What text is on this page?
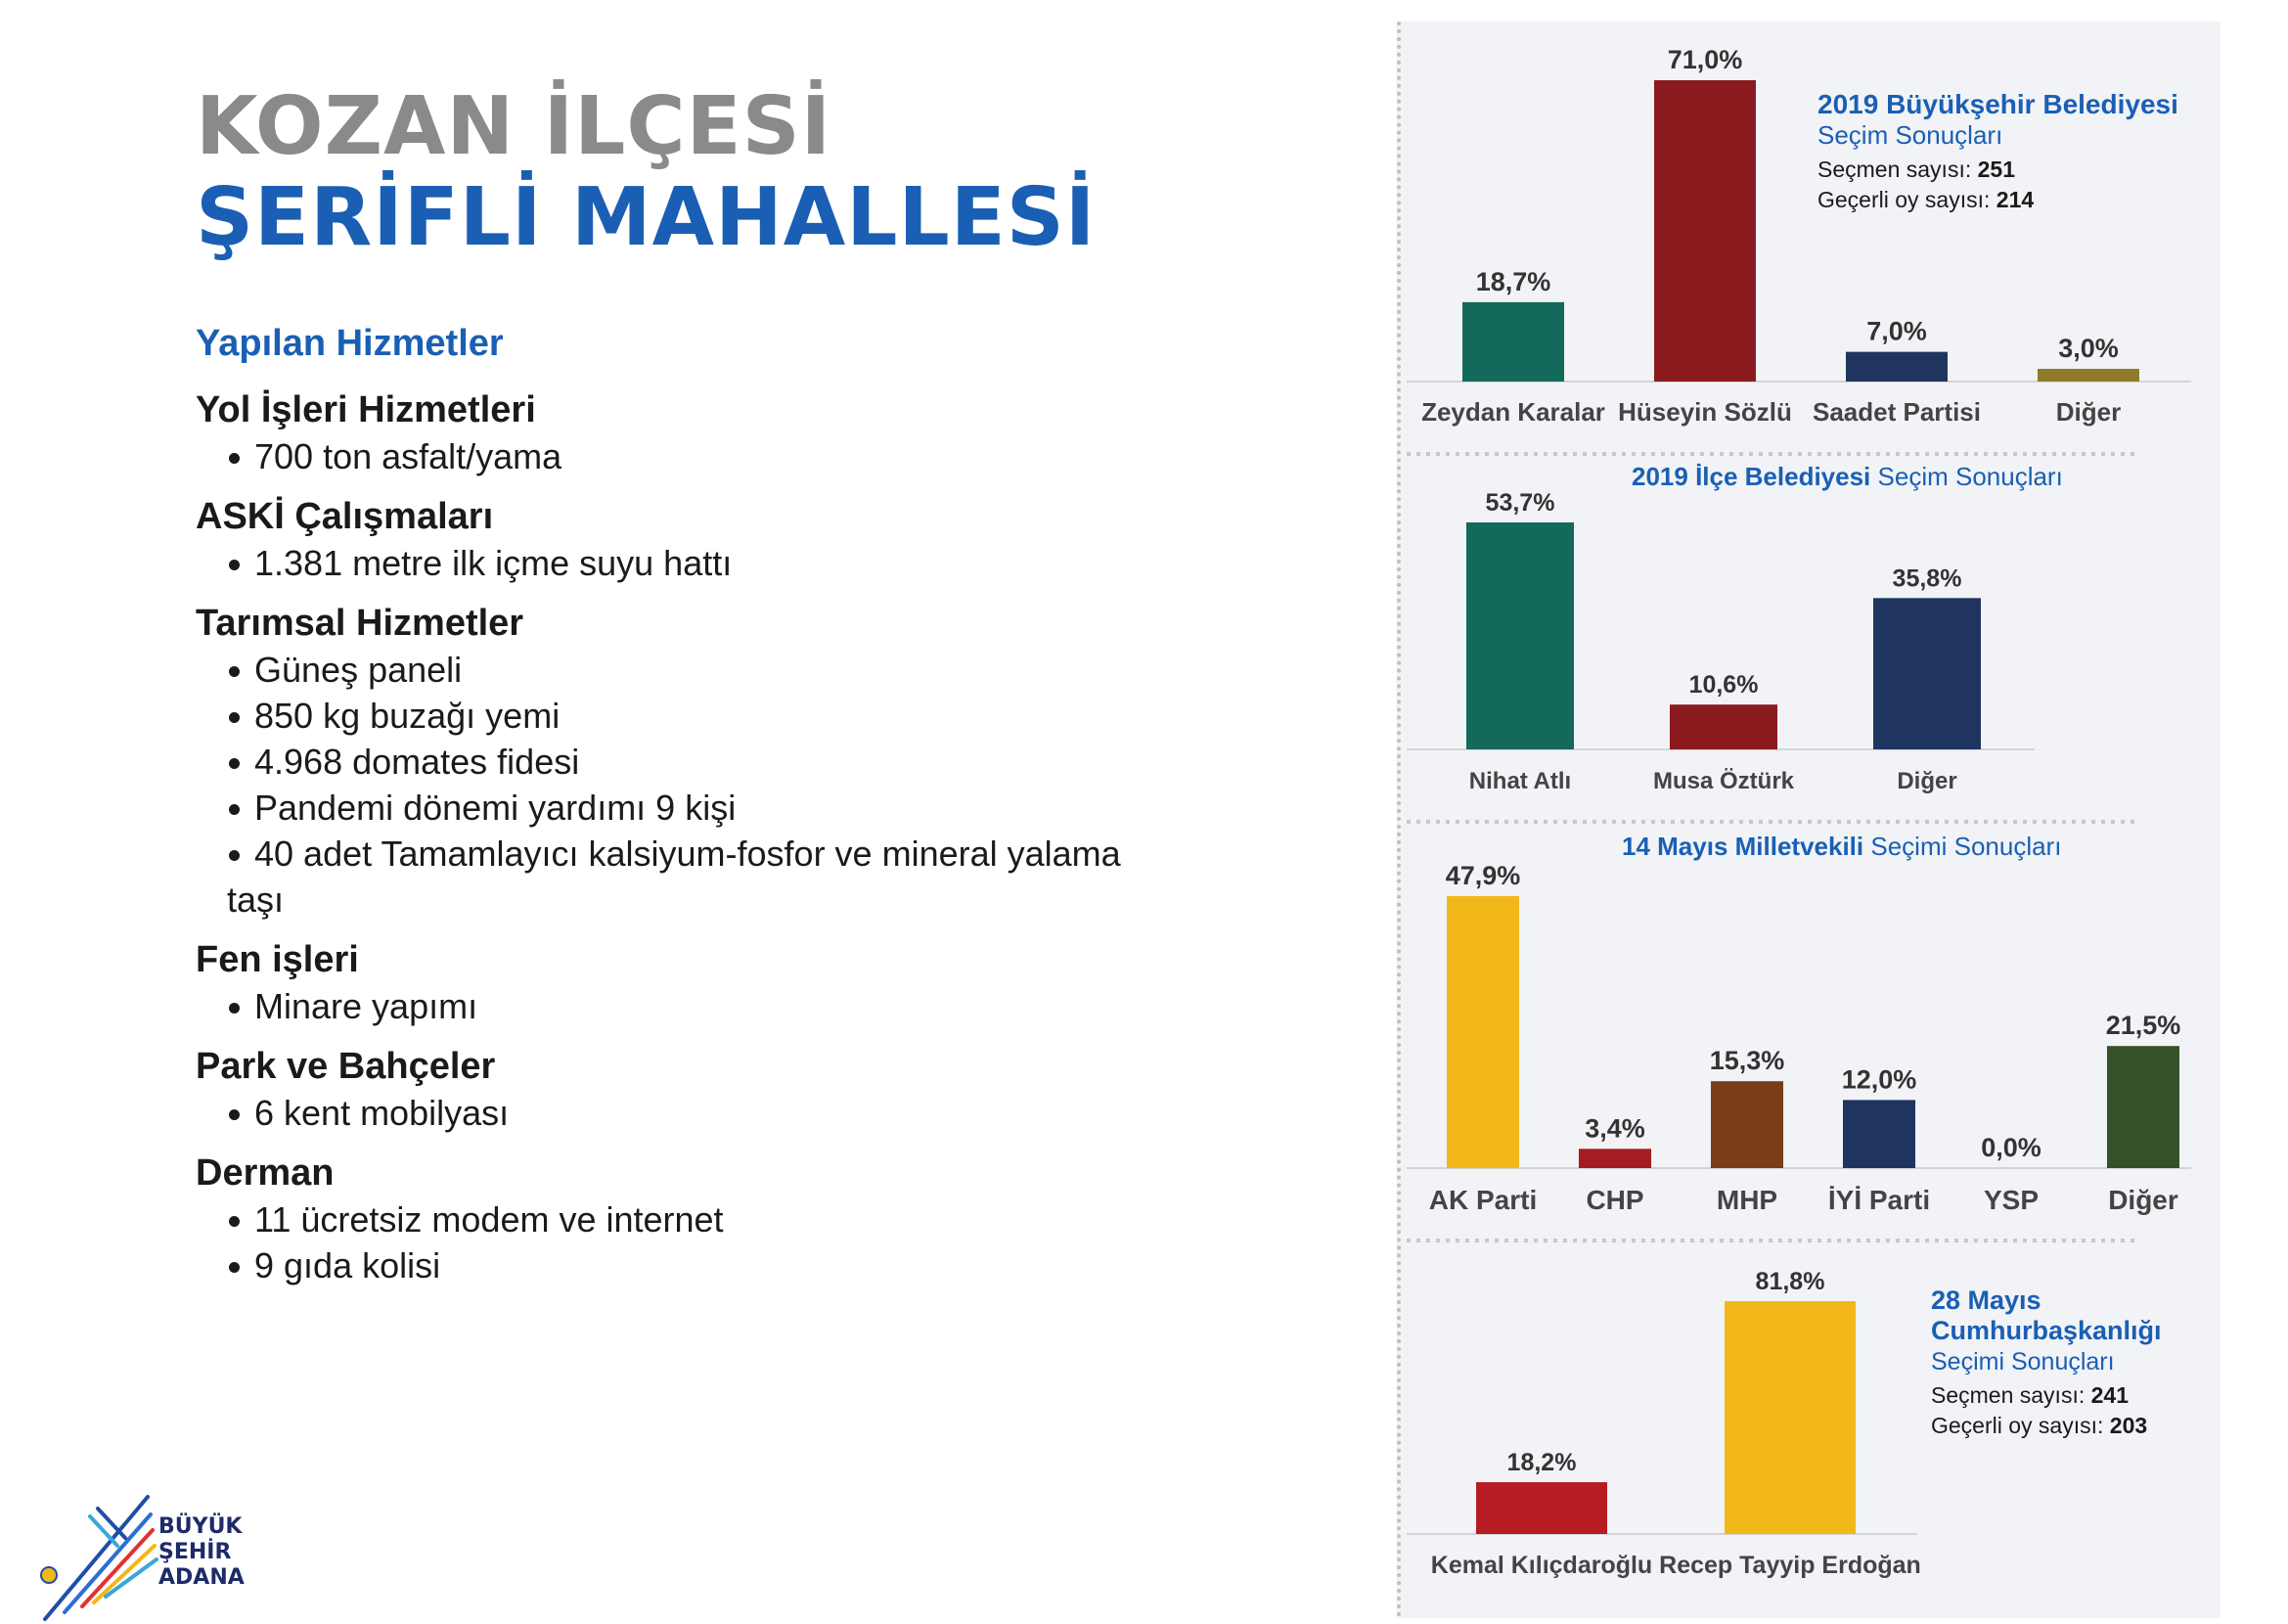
KOZAN İLÇESİ
ŞERİFLİ MAHALLESİ
Yapılan Hizmetler
Yol İşleri Hizmetleri
700 ton asfalt/yama
ASKİ Çalışmaları
1.381 metre ilk içme suyu hattı
Tarımsal Hizmetler
Güneş paneli
850 kg buzağı yemi
4.968 domates fidesi
Pandemi dönemi yardımı 9 kişi
40 adet Tamamlayıcı kalsiyum-fosfor ve mineral yalama taşı
Fen işleri
Minare yapımı
Park ve Bahçeler
6 kent mobilyası
Derman
11 ücretsiz modem ve internet
9 gıda kolisi
18,7%
Zeydan Karalar
71,0%
Hüseyin Sözlü
7,0%
Saadet Partisi
3,0%
Diğer
2019 Büyükşehir Belediyesi
Seçim Sonuçları
Seçmen sayısı: 251
Geçerli oy sayısı: 214
53,7%
Nihat Atlı
10,6%
Musa Öztürk
35,8%
Diğer
2019 İlçe Belediyesi Seçim Sonuçları
47,9%
AK Parti
3,4%
CHP
15,3%
MHP
12,0%
İYİ Parti
0,0%
YSP
21,5%
Diğer
14 Mayıs Milletvekili Seçimi Sonuçları
18,2%
Kemal Kılıçdaroğlu
81,8%
Recep Tayyip Erdoğan
28 Mayıs
Cumhurbaşkanlığı
Seçimi Sonuçları
Seçmen sayısı: 241
Geçerli oy sayısı: 203
BÜYÜK
ŞEHİR
ADANA
